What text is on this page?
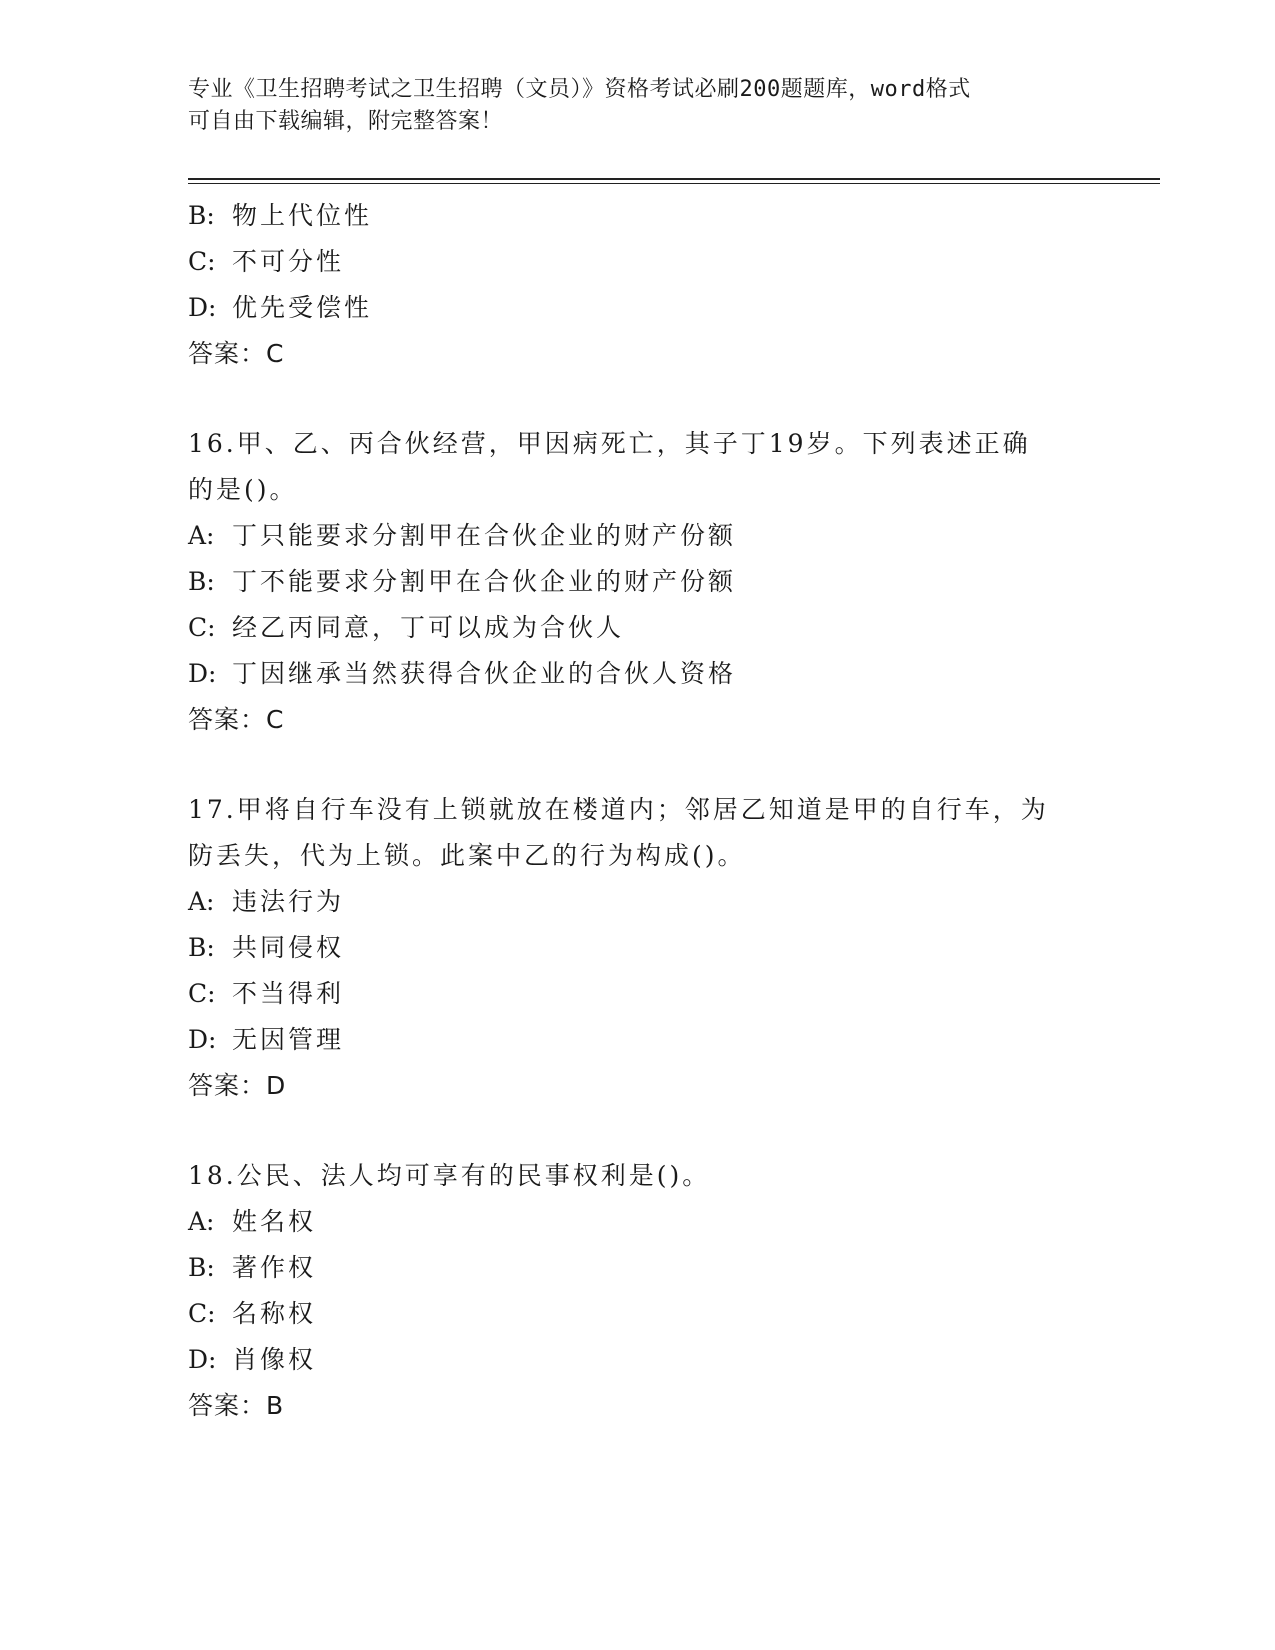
专业《卫生招聘考试之卫生招聘（文员）》资格考试必刷200题题库，word格式
可自由下载编辑，附完整答案！
B: 物上代位性
C: 不可分性
D: 优先受偿性
答案：C
16.甲、乙、丙合伙经营，甲因病死亡，其子丁19岁。下列表述正确
的是()。
A: 丁只能要求分割甲在合伙企业的财产份额
B: 丁不能要求分割甲在合伙企业的财产份额
C: 经乙丙同意，丁可以成为合伙人
D: 丁因继承当然获得合伙企业的合伙人资格
答案：C
17.甲将自行车没有上锁就放在楼道内；邻居乙知道是甲的自行车，为
防丢失，代为上锁。此案中乙的行为构成()。
A: 违法行为
B: 共同侵权
C: 不当得利
D: 无因管理
答案：D
18.公民、法人均可享有的民事权利是()。
A: 姓名权
B: 著作权
C: 名称权
D: 肖像权
答案：B
